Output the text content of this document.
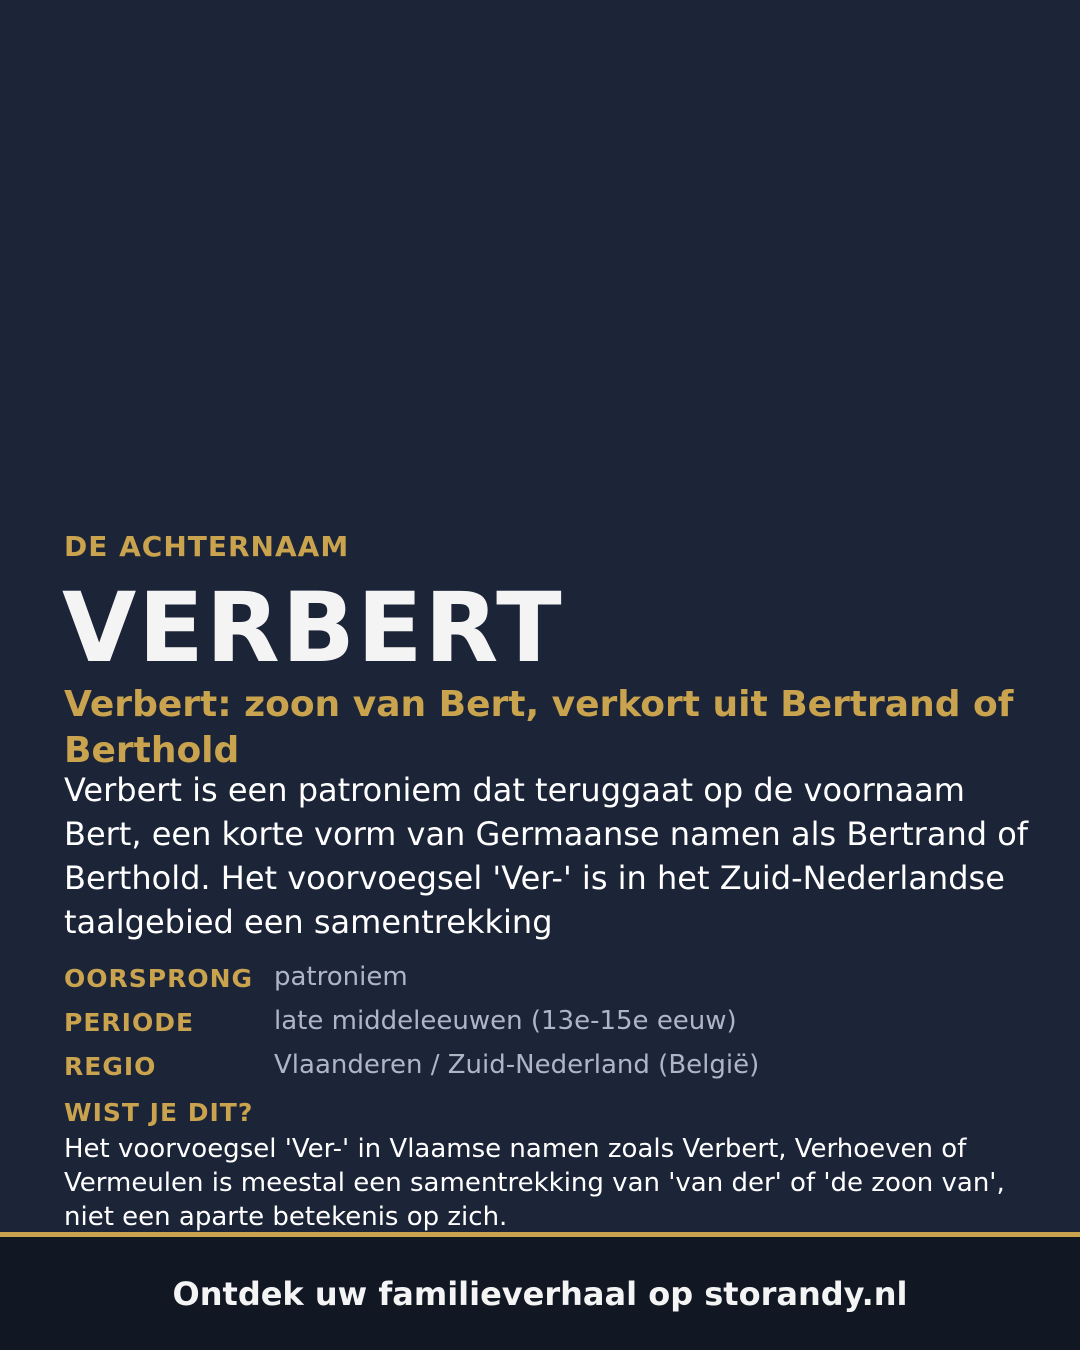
DE ACHTERNAAM
VERBERT
Verbert: zoon van Bert, verkort uit Bertrand of Berthold
Verbert is een patroniem dat teruggaat op de voornaam Bert, een korte vorm van Germaanse namen als Bertrand of Berthold. Het voorvoegsel 'Ver-' is in het Zuid-Nederlandse taalgebied een samentrekking
OORSPRONG patroniem
PERIODE	late middeleeuwen (13e-15e eeuw)
REGIO	Vlaanderen / Zuid-Nederland (België)
WIST JE DIT?
Het voorvoegsel 'Ver-' in Vlaamse namen zoals Verbert, Verhoeven of Vermeulen is meestal een samentrekking van 'van der' of 'de zoon van', niet een aparte betekenis op zich.
Ontdek uw familieverhaal op storandy.nl
